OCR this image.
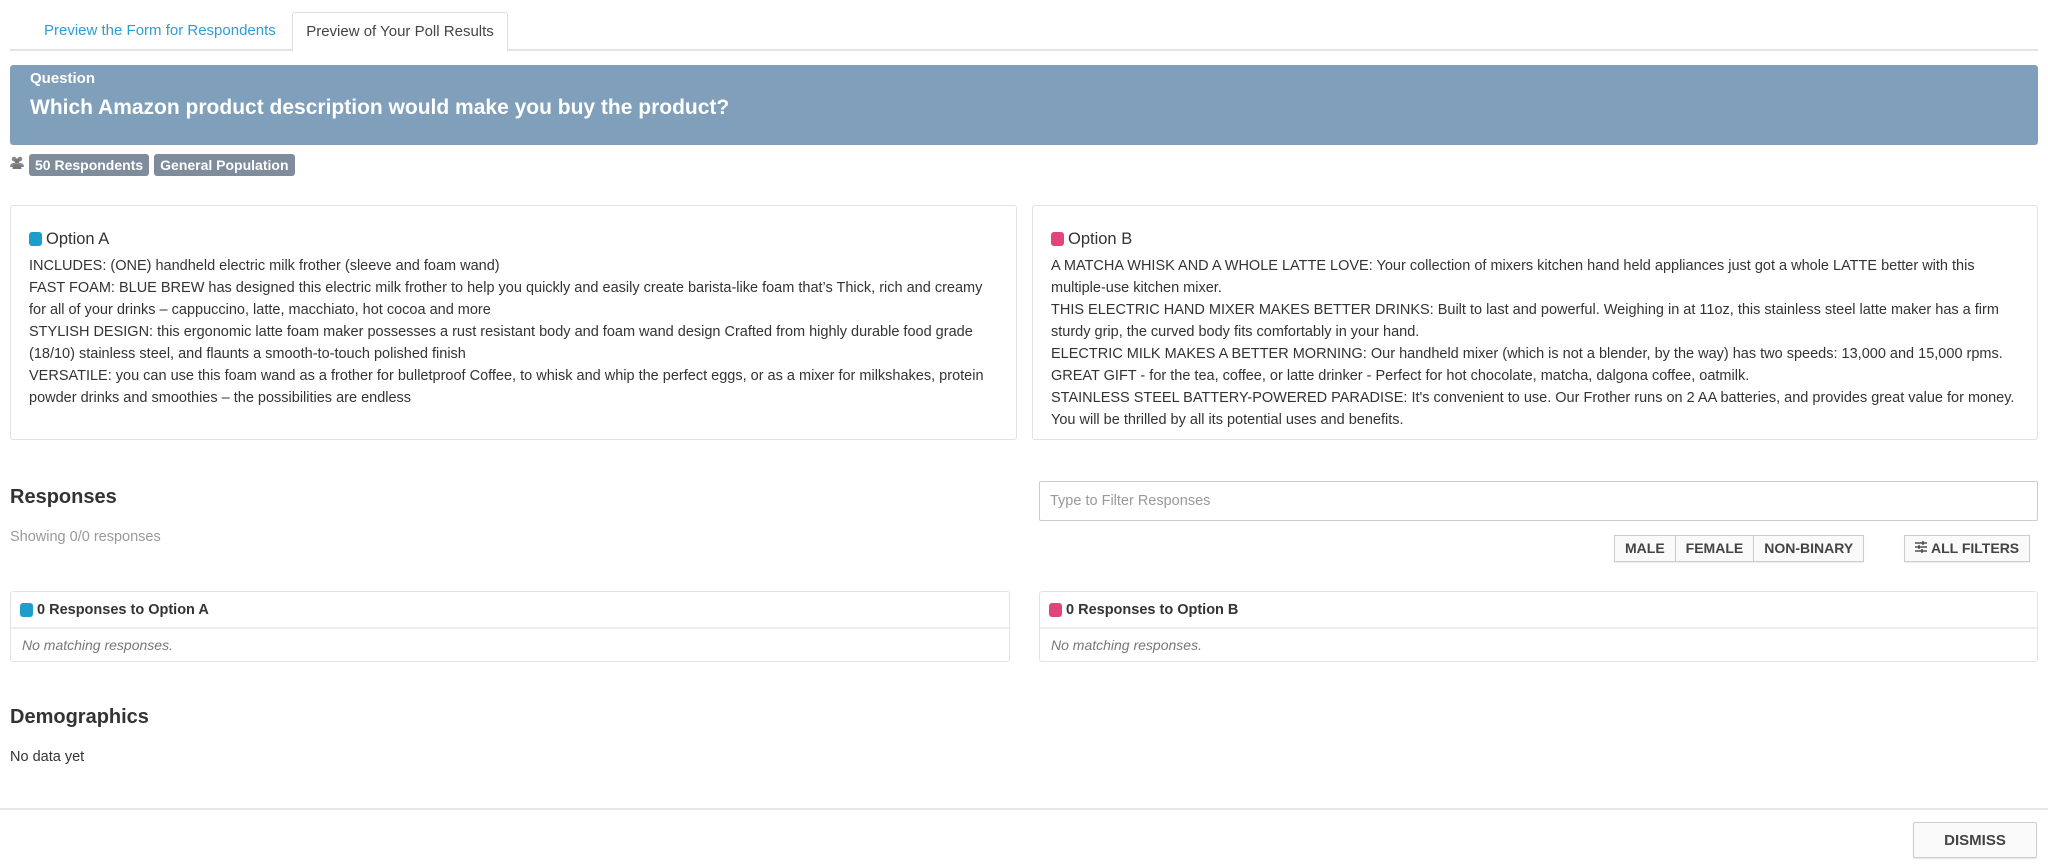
Preview the Form for Respondents	Preview of Your Poll Results
Question
Which Amazon product description would make you buy the product?
50 Respondents	General Population
Option A
INCLUDES: (ONE) handheld electric milk frother (sleeve and foam wand)
FAST FOAM: BLUE BREW has designed this electric milk frother to help you quickly and easily create barista-like foam that’s Thick, rich and creamy for all of your drinks – cappuccino, latte, macchiato, hot cocoa and more
STYLISH DESIGN: this ergonomic latte foam maker possesses a rust resistant body and foam wand design Crafted from highly durable food grade (18/10) stainless steel, and flaunts a smooth-to-touch polished finish
VERSATILE: you can use this foam wand as a frother for bulletproof Coffee, to whisk and whip the perfect eggs, or as a mixer for milkshakes, protein powder drinks and smoothies – the possibilities are endless
Option B
A MATCHA WHISK AND A WHOLE LATTE LOVE: Your collection of mixers kitchen hand held appliances just got a whole LATTE better with this multiple-use kitchen mixer.
THIS ELECTRIC HAND MIXER MAKES BETTER DRINKS: Built to last and powerful. Weighing in at 11oz, this stainless steel latte maker has a firm sturdy grip, the curved body fits comfortably in your hand.
ELECTRIC MILK MAKES A BETTER MORNING: Our handheld mixer (which is not a blender, by the way) has two speeds: 13,000 and 15,000 rpms.
GREAT GIFT - for the tea, coffee, or latte drinker - Perfect for hot chocolate, matcha, dalgona coffee, oatmilk.
STAINLESS STEEL BATTERY-POWERED PARADISE: It's convenient to use. Our Frother runs on 2 AA batteries, and provides great value for money. You will be thrilled by all its potential uses and benefits.
Responses
Showing 0/0 responses
Type to Filter Responses
MALE	FEMALE	NON-BINARY	ALL FILTERS
0 Responses to Option A
No matching responses.
0 Responses to Option B
No matching responses.
Demographics
No data yet
DISMISS
